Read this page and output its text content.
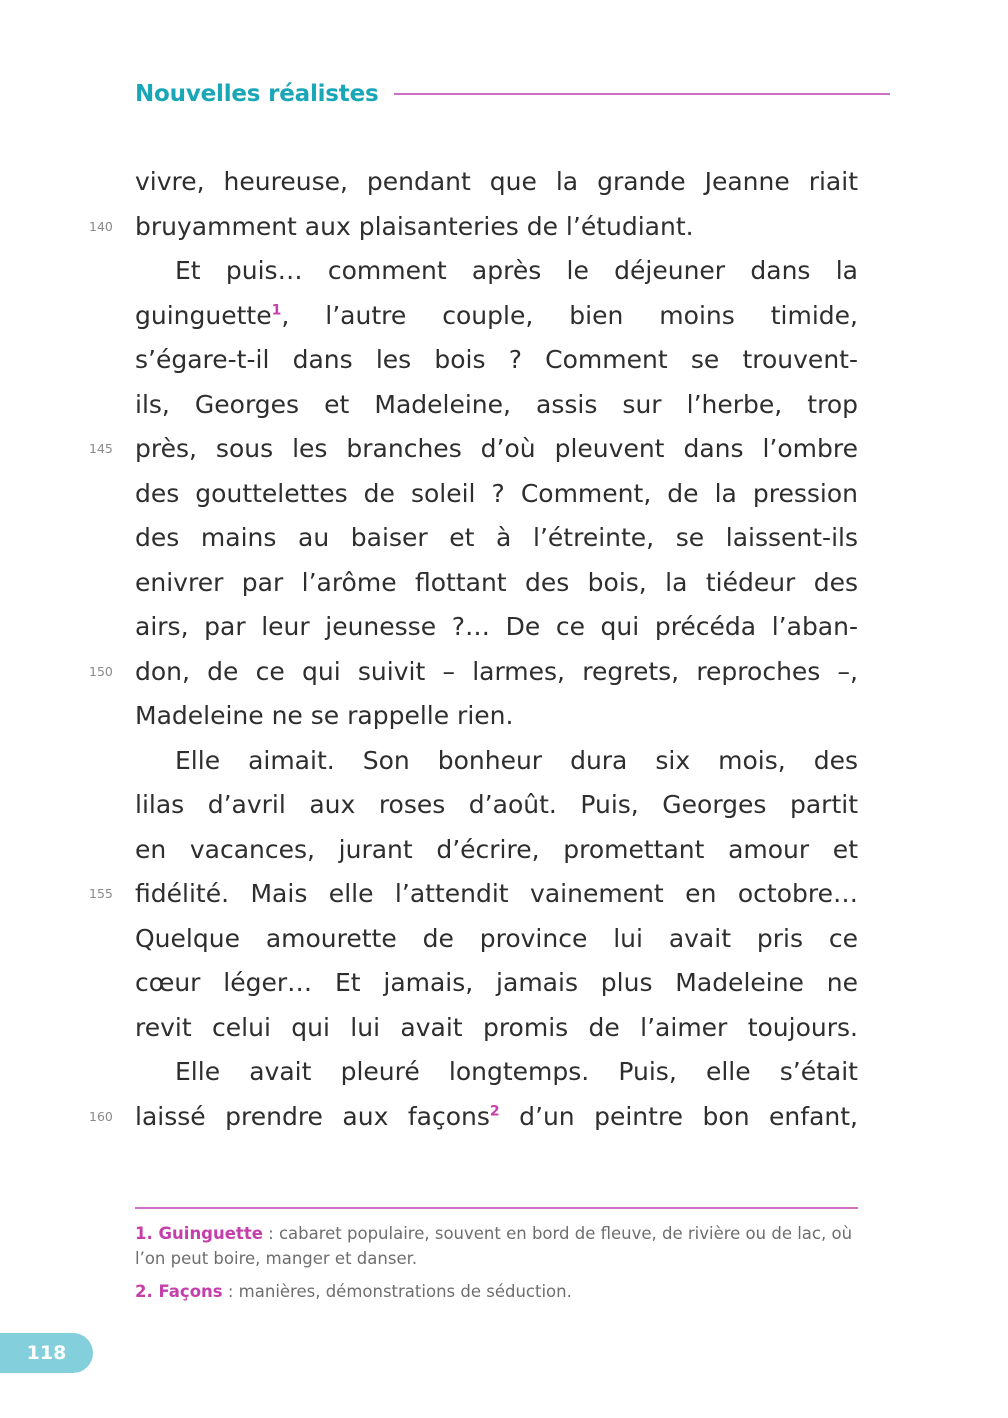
Nouvelles réalistes
vivre, heureuse, pendant que la grande Jeanne riait
140 bruyamment aux plaisanteries de l’étudiant.
Et puis… comment après le déjeuner dans la
guinguette$^1$, l’autre couple, bien moins timide,
s’égare-t-il dans les bois ? Comment se trouvent-
ils, Georges et Madeleine, assis sur l’herbe, trop
145 près, sous les branches d’où pleuvent dans l’ombre
des gouttelettes de soleil ? Comment, de la pression
des mains au baiser et à l’étreinte, se laissent-ils
enivrer par l’arôme flottant des bois, la tiédeur des
airs, par leur jeunesse ?… De ce qui précéda l’aban-
150 don, de ce qui suivit – larmes, regrets, reproches –,
Madeleine ne se rappelle rien.
Elle aimait. Son bonheur dura six mois, des
lilas d’avril aux roses d’août. Puis, Georges partit
en vacances, jurant d’écrire, promettant amour et
155 fidélité. Mais elle l’attendit vainement en octobre…
Quelque amourette de province lui avait pris ce
cœur léger… Et jamais, jamais plus Madeleine ne
revit celui qui lui avait promis de l’aimer toujours.
Elle avait pleuré longtemps. Puis, elle s’était
160 laissé prendre aux façons$^2$ d’un peintre bon enfant,
1. Guinguette : cabaret populaire, souvent en bord de fleuve, de rivière ou de lac, où l’on peut boire, manger et danser.
2. Façons : manières, démonstrations de séduction.
118
